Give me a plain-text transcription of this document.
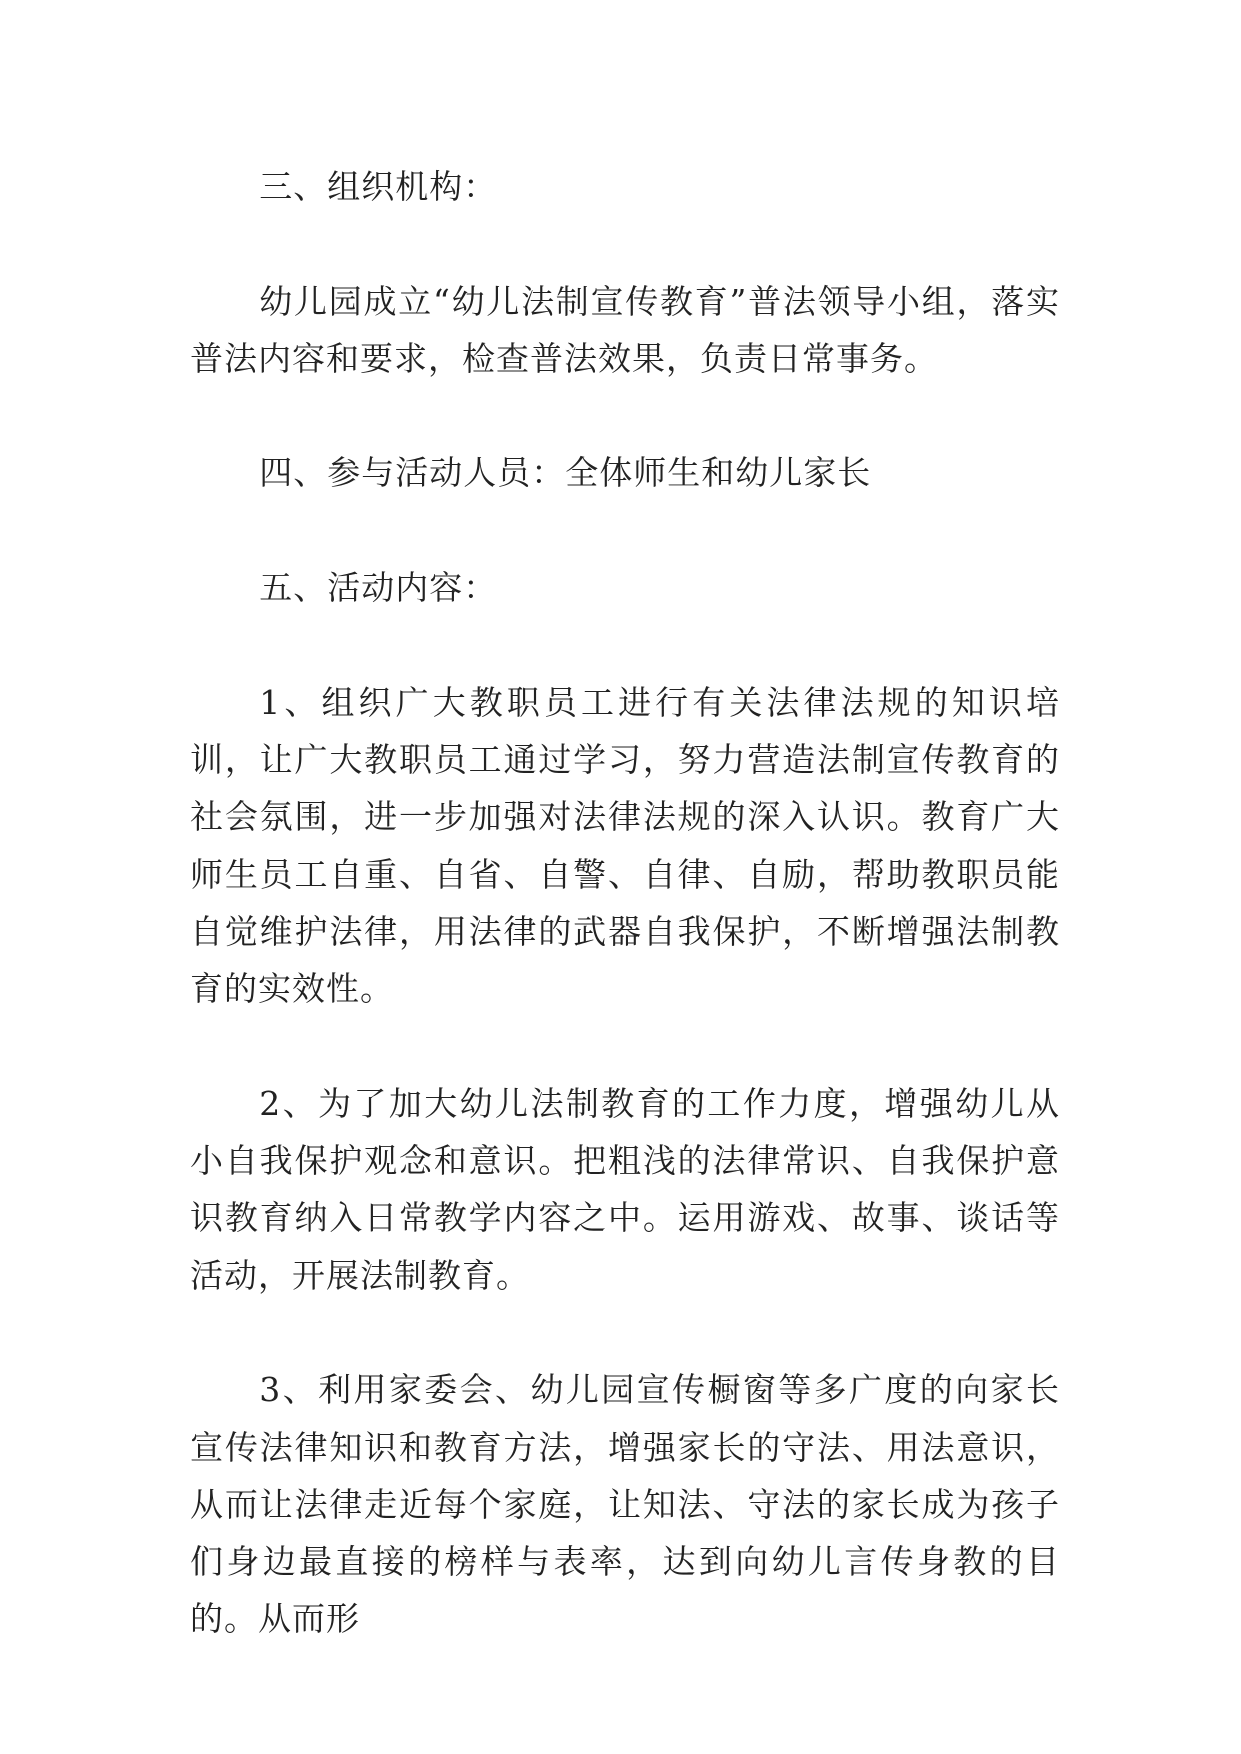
三、组织机构：

幼儿园成立“幼儿法制宣传教育”普法领导小组，落实普法内容和要求，检查普法效果，负责日常事务。

四、参与活动人员：全体师生和幼儿家长

五、活动内容：

1、组织广大教职员工进行有关法律法规的知识培训，让广大教职员工通过学习，努力营造法制宣传教育的社会氛围，进一步加强对法律法规的深入认识。教育广大师生员工自重、自省、自警、自律、自励，帮助教职员能自觉维护法律，用法律的武器自我保护，不断增强法制教育的实效性。

2、为了加大幼儿法制教育的工作力度，增强幼儿从小自我保护观念和意识。把粗浅的法律常识、自我保护意识教育纳入日常教学内容之中。运用游戏、故事、谈话等活动，开展法制教育。

3、利用家委会、幼儿园宣传橱窗等多广度的向家长宣传法律知识和教育方法，增强家长的守法、用法意识，从而让法律走近每个家庭，让知法、守法的家长成为孩子们身边最直接的榜样与表率，达到向幼儿言传身教的目的。从而形
